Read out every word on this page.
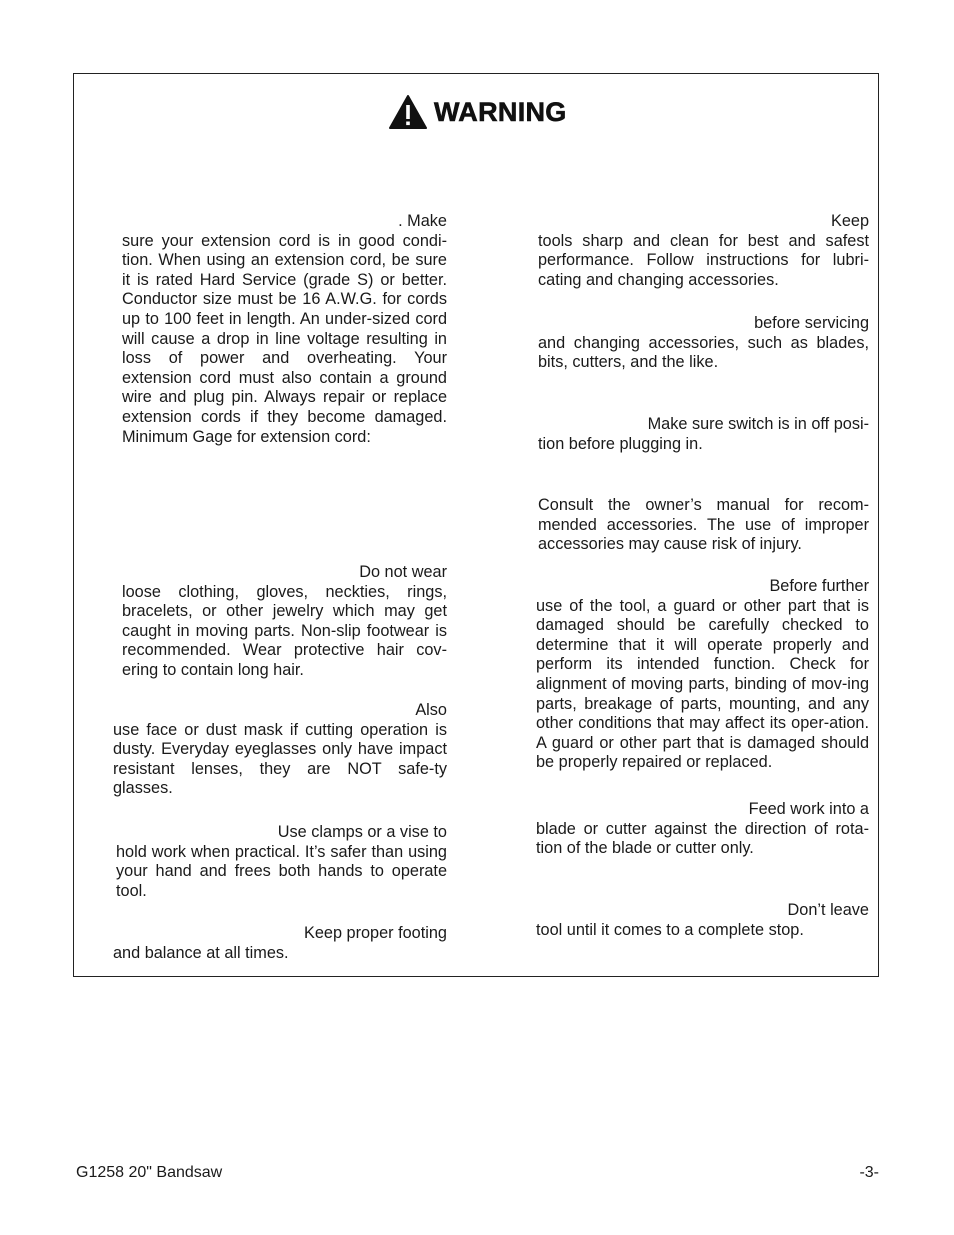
WARNING
. Make
sure your extension cord is in good condi-tion. When using an extension cord, be sure it is rated Hard Service (grade S) or better. Conductor size must be 16 A.W.G. for cords up to 100 feet in length. An under-sized cord will cause a drop in line voltage resulting in loss of power and overheating. Your extension cord must also contain a ground wire and plug pin. Always repair or replace extension cords if they become damaged. Minimum Gage for extension cord:
Do not wear
loose clothing, gloves, neckties, rings, bracelets, or other jewelry which may get caught in moving parts. Non-slip footwear is recommended. Wear protective hair cov-ering to contain long hair.
Also
use face or dust mask if cutting operation is dusty. Everyday eyeglasses only have impact resistant lenses, they are NOT safe-ty glasses.
Use clamps or a vise to
hold work when practical. It’s safer than using your hand and frees both hands to operate tool.
Keep proper footing
and balance at all times.
Keep
tools sharp and clean for best and safest performance. Follow instructions for lubri-cating and changing accessories.
before servicing
and changing accessories, such as blades, bits, cutters, and the like.
Make sure switch is in off posi-
tion before plugging in.
Consult the owner’s manual for recom-mended accessories. The use of improper accessories may cause risk of injury.
Before further
use of the tool, a guard or other part that is damaged should be carefully checked to determine that it will operate properly and perform its intended function. Check for alignment of moving parts, binding of mov-ing parts, breakage of parts, mounting, and any other conditions that may affect its oper-ation. A guard or other part that is damaged should be properly repaired or replaced.
Feed work into a
blade or cutter against the direction of rota-tion of the blade or cutter only.
Don’t leave
tool until it comes to a complete stop.
G1258 20" Bandsaw	-3-
